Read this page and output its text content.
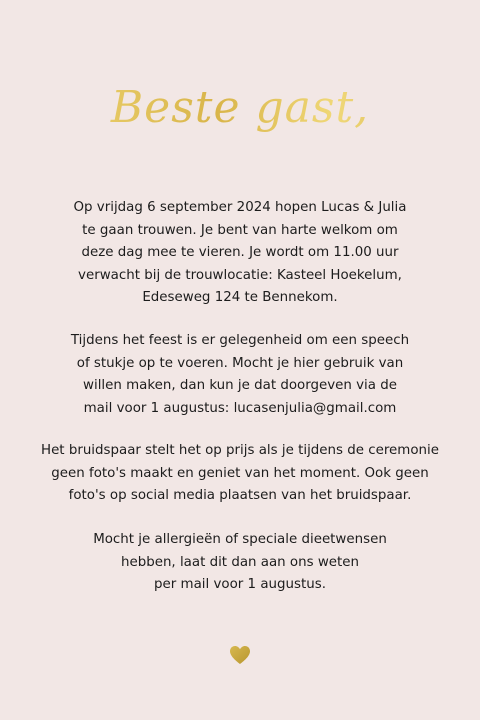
Beste gast,
Op vrijdag 6 september 2024 hopen Lucas & Julia
te gaan trouwen. Je bent van harte welkom om
deze dag mee te vieren. Je wordt om 11.00 uur
verwacht bij de trouwlocatie: Kasteel Hoekelum,
Edeseweg 124 te Bennekom.
Tijdens het feest is er gelegenheid om een speech
of stukje op te voeren. Mocht je hier gebruik van
willen maken, dan kun je dat doorgeven via de
mail voor 1 augustus: lucasenjulia@gmail.com
Het bruidspaar stelt het op prijs als je tijdens de ceremonie
geen foto's maakt en geniet van het moment. Ook geen
foto's op social media plaatsen van het bruidspaar.
Mocht je allergieën of speciale dieetwensen
hebben, laat dit dan aan ons weten
per mail voor 1 augustus.
